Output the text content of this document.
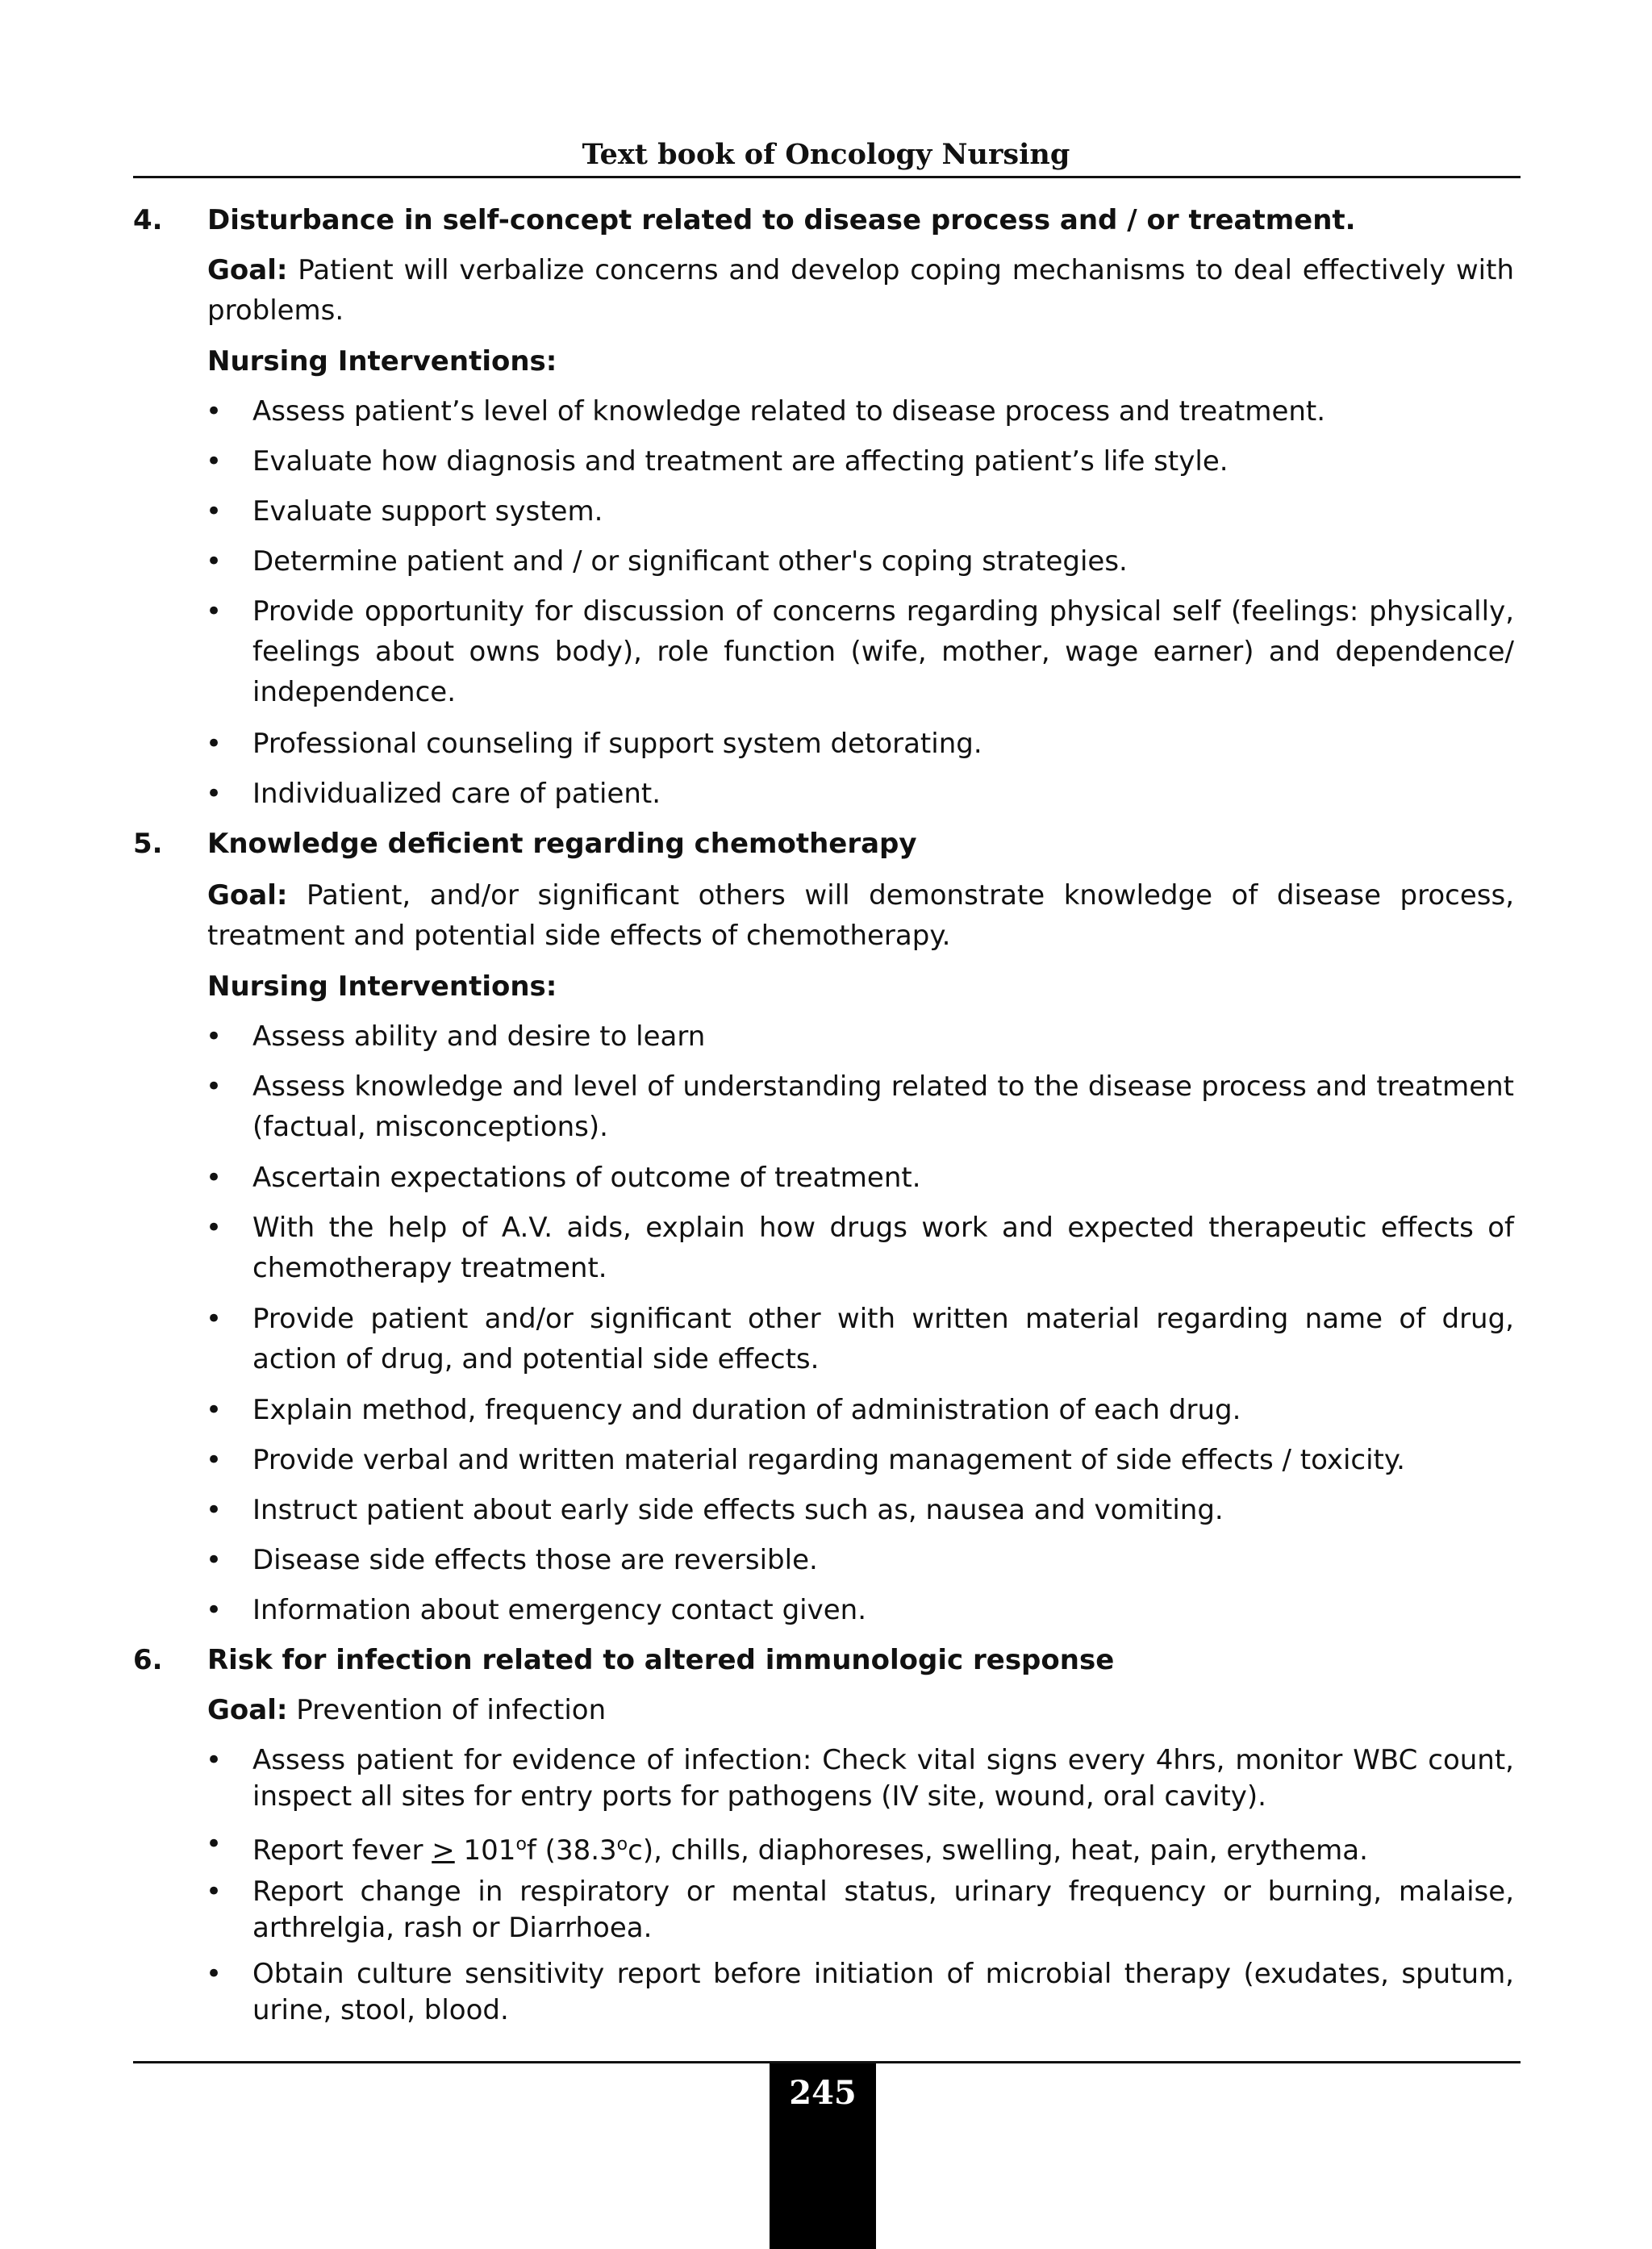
Text book of Oncology Nursing
4. Disturbance in self-concept related to disease process and / or treatment.
Goal: Patient will verbalize concerns and develop coping mechanisms to deal effectively with problems.
Nursing Interventions:
• Assess patient’s level of knowledge related to disease process and treatment.
• Evaluate how diagnosis and treatment are affecting patient’s life style.
• Evaluate support system.
• Determine patient and / or significant other's coping strategies.
• Provide opportunity for discussion of concerns regarding physical self (feelings: physically, feelings about owns body), role function (wife, mother, wage earner) and dependence/ independence.
• Professional counseling if support system detorating.
• Individualized care of patient.
5. Knowledge deficient regarding chemotherapy
Goal: Patient, and/or significant others will demonstrate knowledge of disease process, treatment and potential side effects of chemotherapy.
Nursing Interventions:
• Assess ability and desire to learn
• Assess knowledge and level of understanding related to the disease process and treatment (factual, misconceptions).
• Ascertain expectations of outcome of treatment.
• With the help of A.V. aids, explain how drugs work and expected therapeutic effects of chemotherapy treatment.
• Provide patient and/or significant other with written material regarding name of drug, action of drug, and potential side effects.
• Explain method, frequency and duration of administration of each drug.
• Provide verbal and written material regarding management of side effects / toxicity.
• Instruct patient about early side effects such as, nausea and vomiting.
• Disease side effects those are reversible.
• Information about emergency contact given.
6. Risk for infection related to altered immunologic response
Goal: Prevention of infection
• Assess patient for evidence of infection: Check vital signs every 4hrs, monitor WBC count, inspect all sites for entry ports for pathogens (IV site, wound, oral cavity).
• Report fever ≥ $101^of$ (38.3$^o$c), chills, diaphoreses, swelling, heat, pain, erythema.
• Report change in respiratory or mental status, urinary frequency or burning, malaise, arthrelgia, rash or Diarrhoea.
• Obtain culture sensitivity report before initiation of microbial therapy (exudates, sputum, urine, stool, blood.
245
